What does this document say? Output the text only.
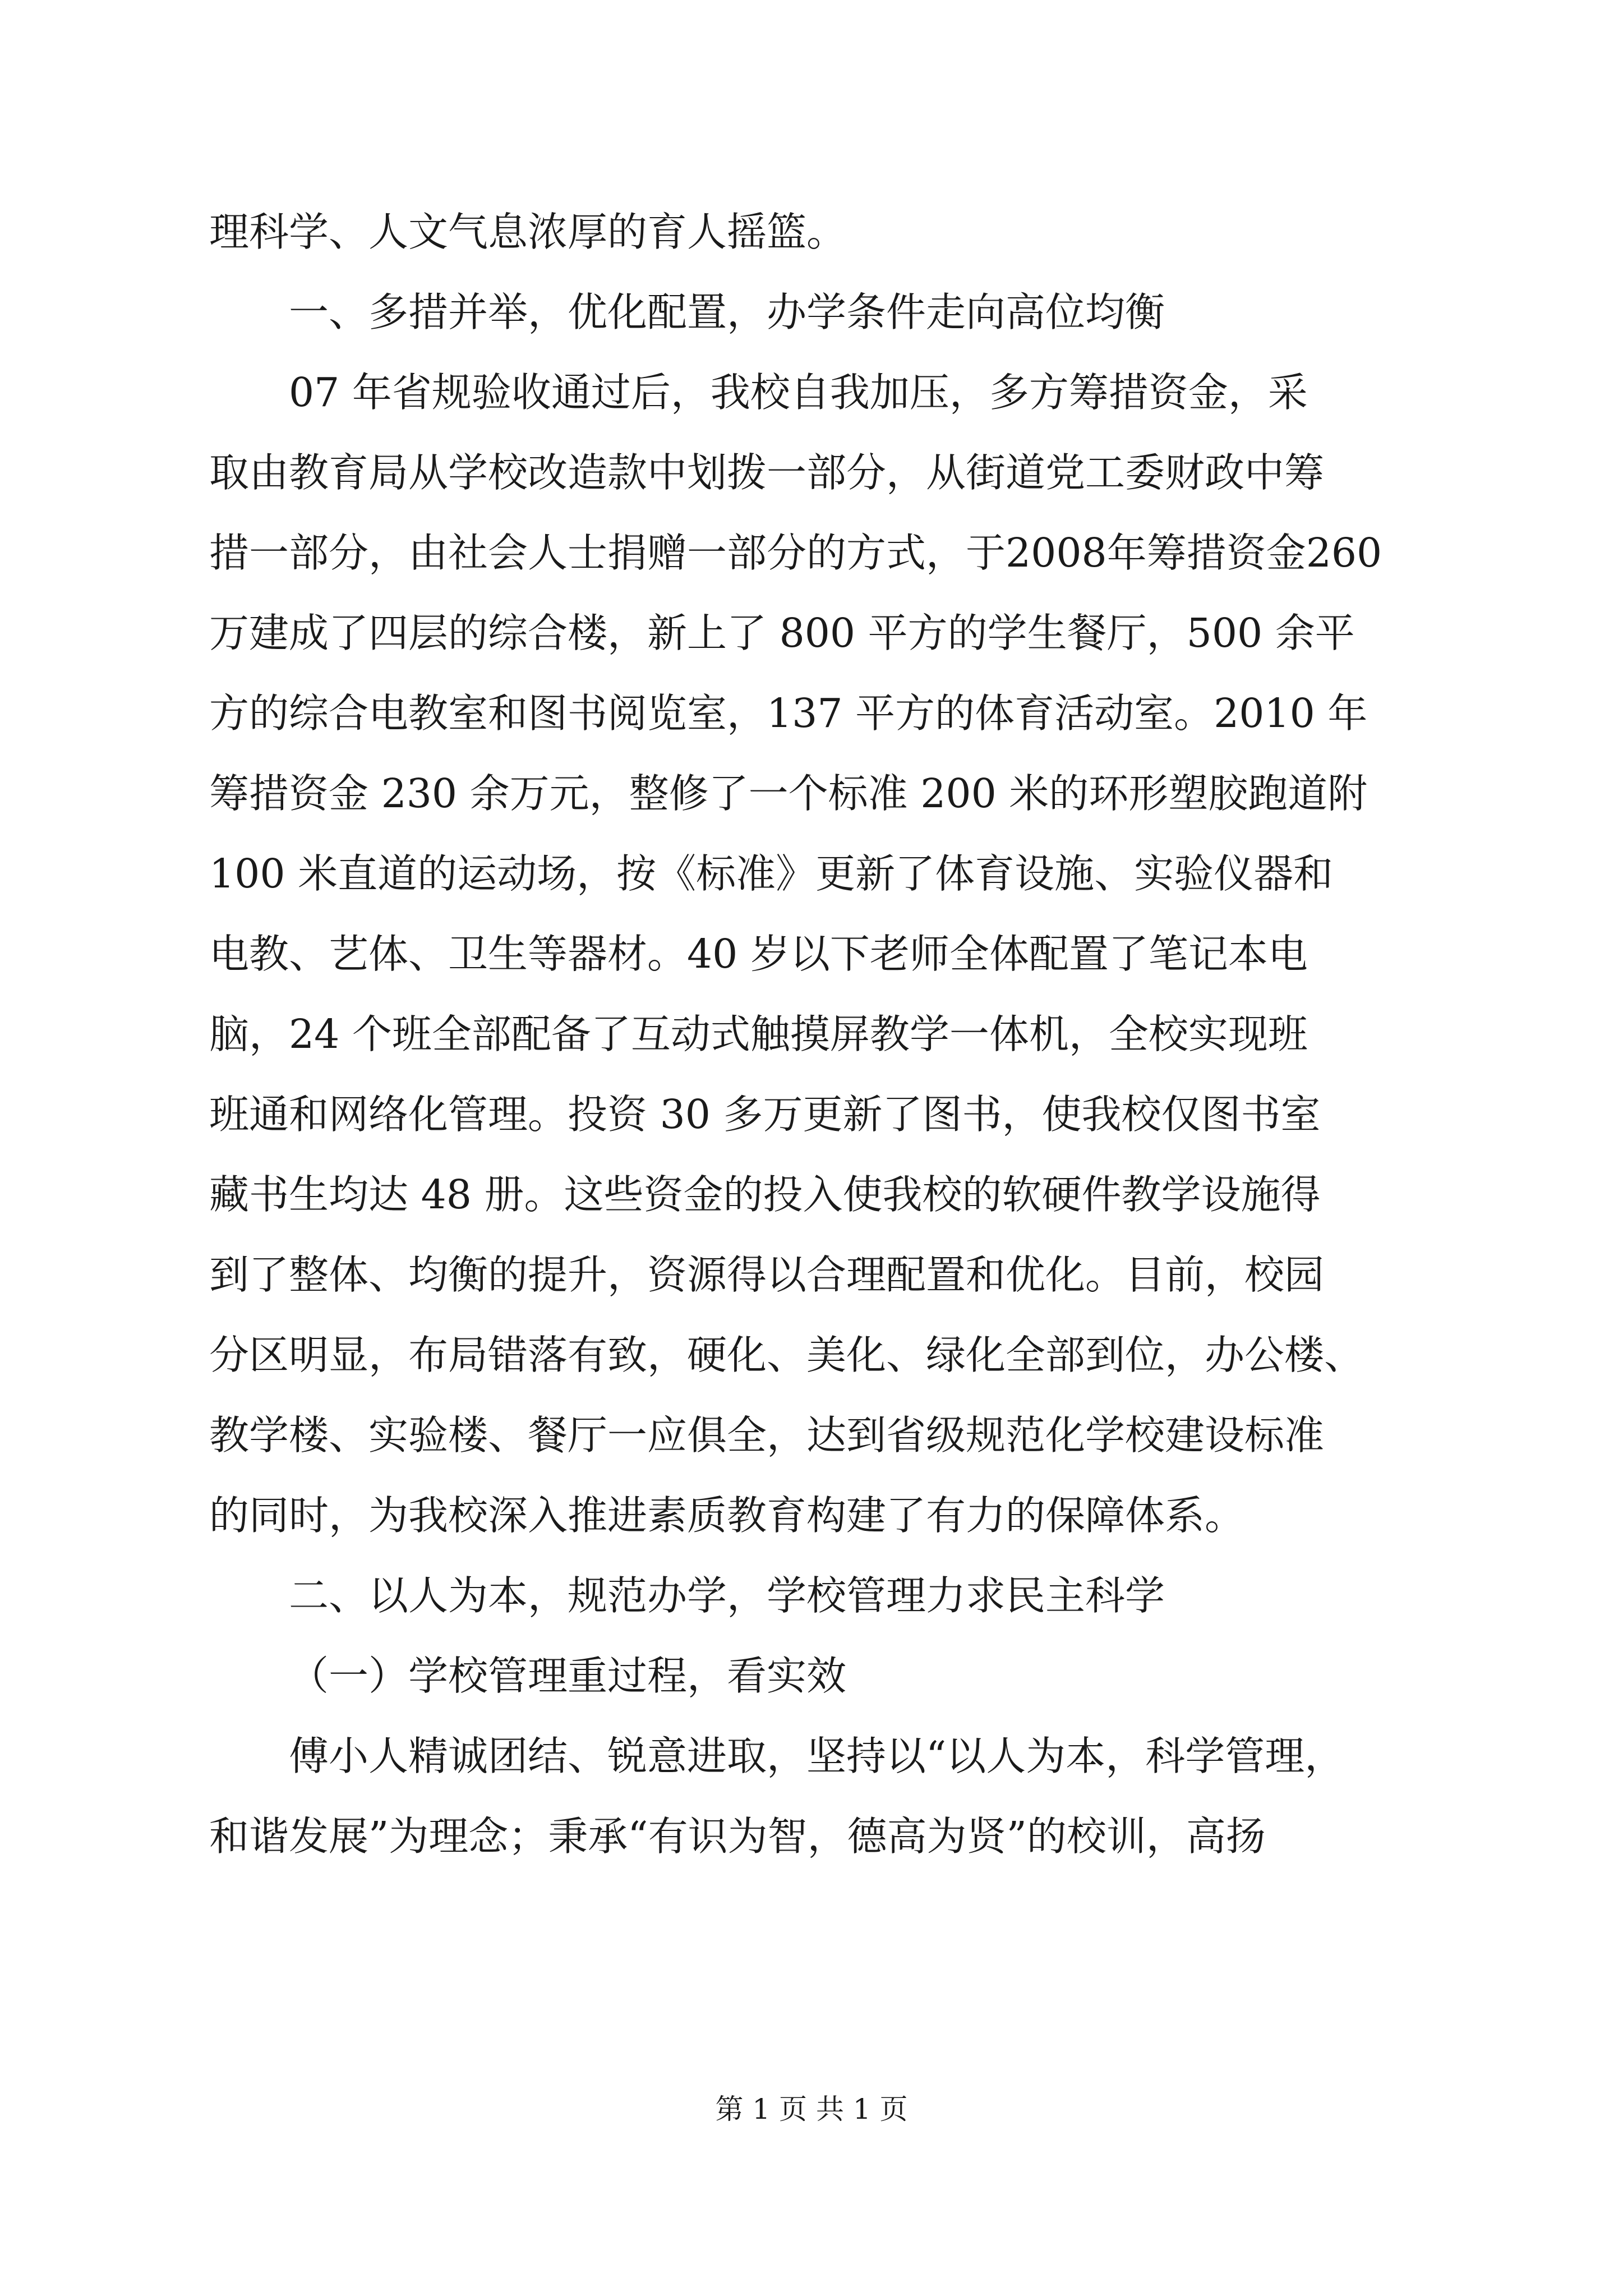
理科学、人文气息浓厚的育人摇篮。

一、多措并举，优化配置，办学条件走向高位均衡

07 年省规验收通过后，我校自我加压，多方筹措资金，采

取由教育局从学校改造款中划拨一部分，从街道党工委财政中筹

措一部分，由社会人士捐赠一部分的方式，于2008年筹措资金260

万建成了四层的综合楼，新上了 800 平方的学生餐厅，500 余平

方的综合电教室和图书阅览室，137 平方的体育活动室。2010 年

筹措资金 230 余万元，整修了一个标准 200 米的环形塑胶跑道附

100 米直道的运动场，按《标准》更新了体育设施、实验仪器和

电教、艺体、卫生等器材。40 岁以下老师全体配置了笔记本电

脑，24 个班全部配备了互动式触摸屏教学一体机，全校实现班

班通和网络化管理。投资 30 多万更新了图书，使我校仅图书室

藏书生均达 48 册。这些资金的投入使我校的软硬件教学设施得

到了整体、均衡的提升，资源得以合理配置和优化。目前，校园

分区明显，布局错落有致，硬化、美化、绿化全部到位，办公楼、

教学楼、实验楼、餐厅一应俱全，达到省级规范化学校建设标准

的同时，为我校深入推进素质教育构建了有力的保障体系。

二、以人为本，规范办学，学校管理力求民主科学

（一）学校管理重过程，看实效

傅小人精诚团结、锐意进取，坚持以“以人为本，科学管理，

和谐发展”为理念；秉承“有识为智，德高为贤”的校训，高扬

第 1 页 共 1 页
